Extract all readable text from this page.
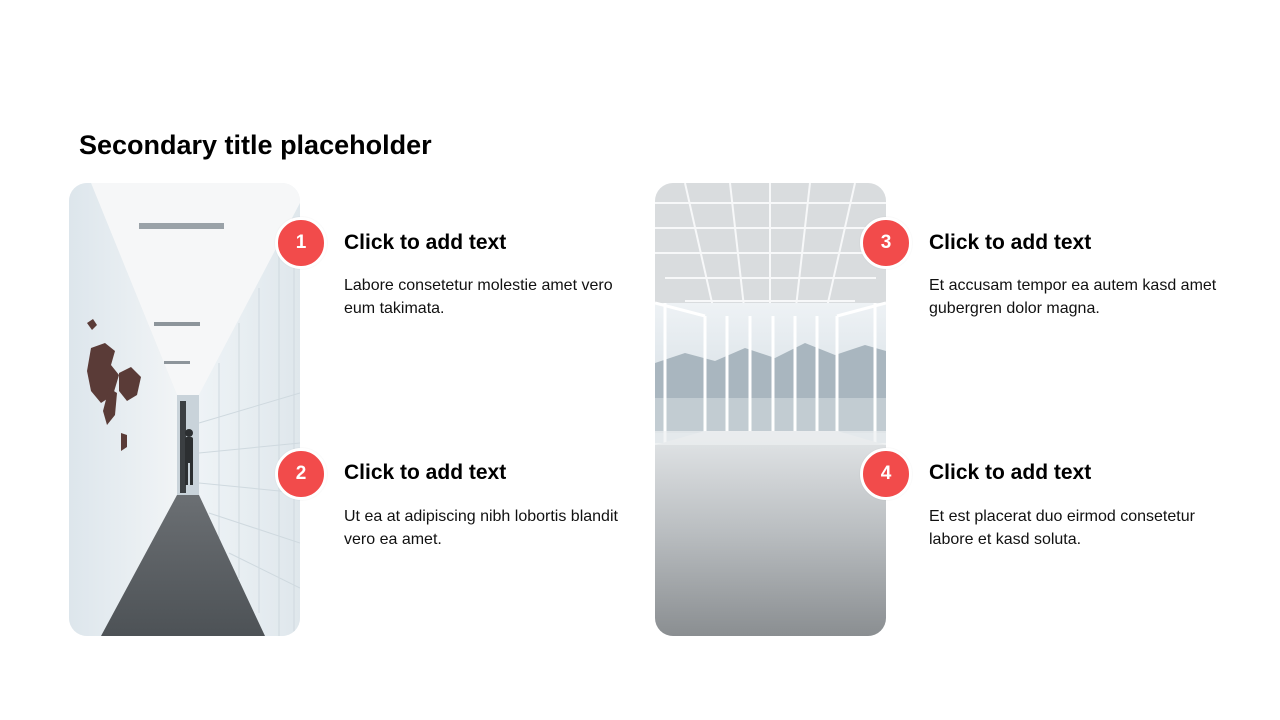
Secondary title placeholder
1	Click to add text
Labore consetetur molestie amet vero eum takimata.
2	Click to add text
Ut ea at adipiscing nibh lobortis blandit vero ea amet.
3	Click to add text
Et accusam tempor ea autem kasd amet gubergren dolor magna.
4	Click to add text
Et est placerat duo eirmod consetetur labore et kasd soluta.
